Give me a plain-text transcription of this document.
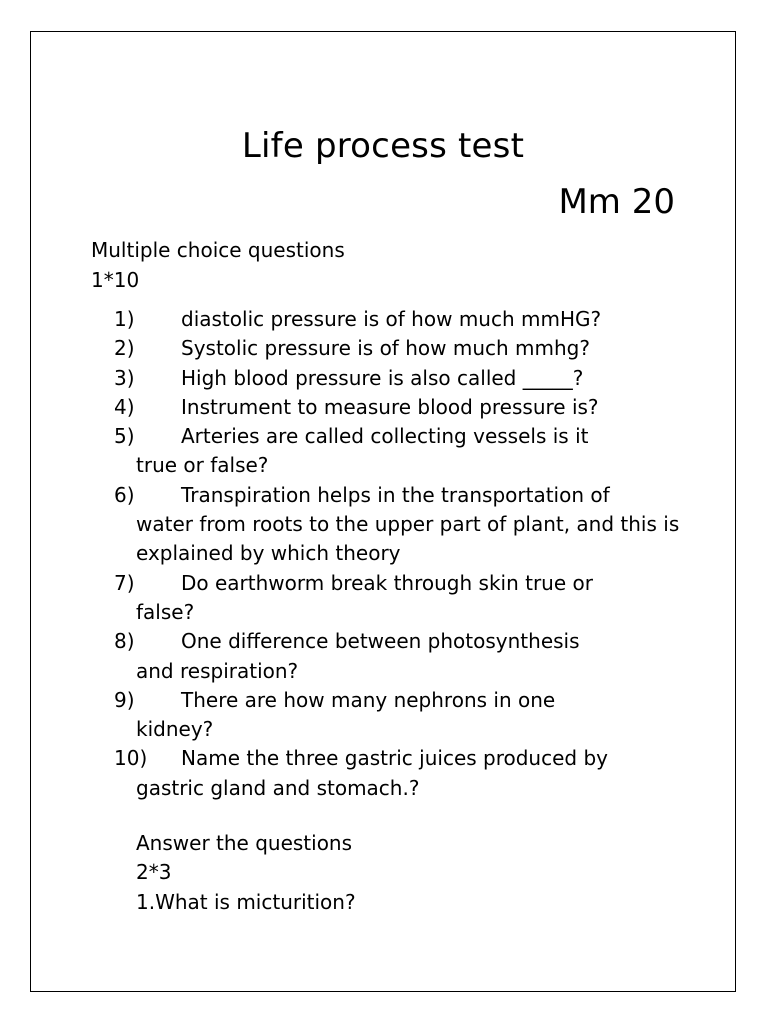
Life process test
Mm 20
Multiple choice questions
1*10
1)	diastolic pressure is of how much mmHG?
2)	Systolic pressure is of how much mmhg?
3)	High blood pressure is also called _____?
4)	Instrument to measure blood pressure is?
5)	Arteries are called collecting vessels is it
true or false?
6)	Transpiration helps in the transportation of
water from roots to the upper part of plant, and this is explained by which theory
7)	Do earthworm break through skin true or
false?
8)	One difference between photosynthesis
and respiration?
9)	There are how many nephrons in one
kidney?
10)	Name the three gastric juices produced by
gastric gland and stomach.?
Answer the questions
2*3
1.What is micturition?
